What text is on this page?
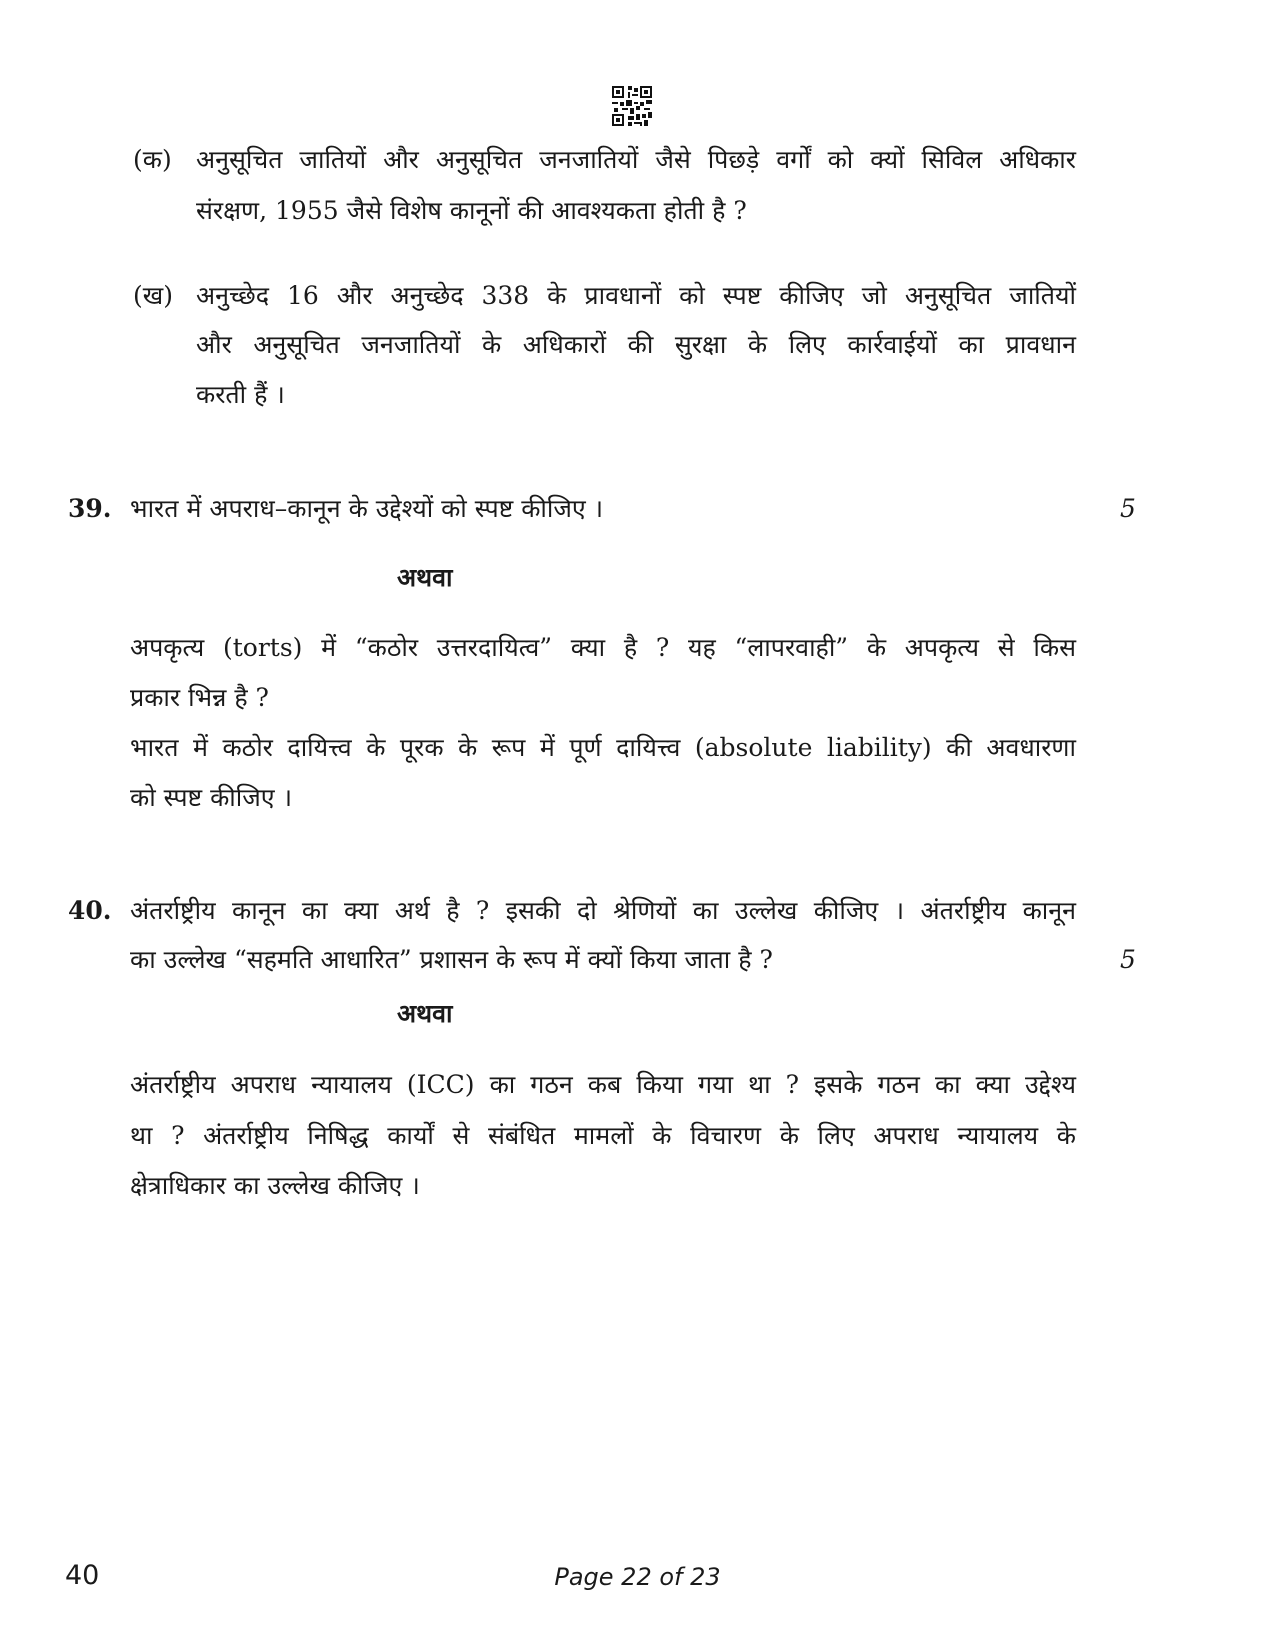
(क) अनुसूचित जातियों और अनुसूचित जनजातियों जैसे पिछड़े वर्गों को क्यों सिविल अधिकार
संरक्षण, 1955 जैसे विशेष कानूनों की आवश्यकता होती है ?
(ख) अनुच्छेद 16 और अनुच्छेद 338 के प्रावधानों को स्पष्ट कीजिए जो अनुसूचित जातियों
और अनुसूचित जनजातियों के अधिकारों की सुरक्षा के लिए कार्रवाईयों का प्रावधान
करती हैं ।
39. भारत में अपराध–कानून के उद्देश्यों को स्पष्ट कीजिए ।	5
अथवा
अपकृत्य (torts) में “कठोर उत्तरदायित्व” क्या है ? यह “लापरवाही” के अपकृत्य से किस
प्रकार भिन्न है ?
भारत में कठोर दायित्त्व के पूरक के रूप में पूर्ण दायित्त्व (absolute liability) की अवधारणा
को स्पष्ट कीजिए ।
40. अंतर्राष्ट्रीय कानून का क्या अर्थ है ? इसकी दो श्रेणियों का उल्लेख कीजिए । अंतर्राष्ट्रीय कानून
का उल्लेख “सहमति आधारित” प्रशासन के रूप में क्यों किया जाता है ?	5
अथवा
अंतर्राष्ट्रीय अपराध न्यायालय (ICC) का गठन कब किया गया था ? इसके गठन का क्या उद्देश्य
था ? अंतर्राष्ट्रीय निषिद्ध कार्यों से संबंधित मामलों के विचारण के लिए अपराध न्यायालय के
क्षेत्राधिकार का उल्लेख कीजिए ।
40	Page 22 of 23
